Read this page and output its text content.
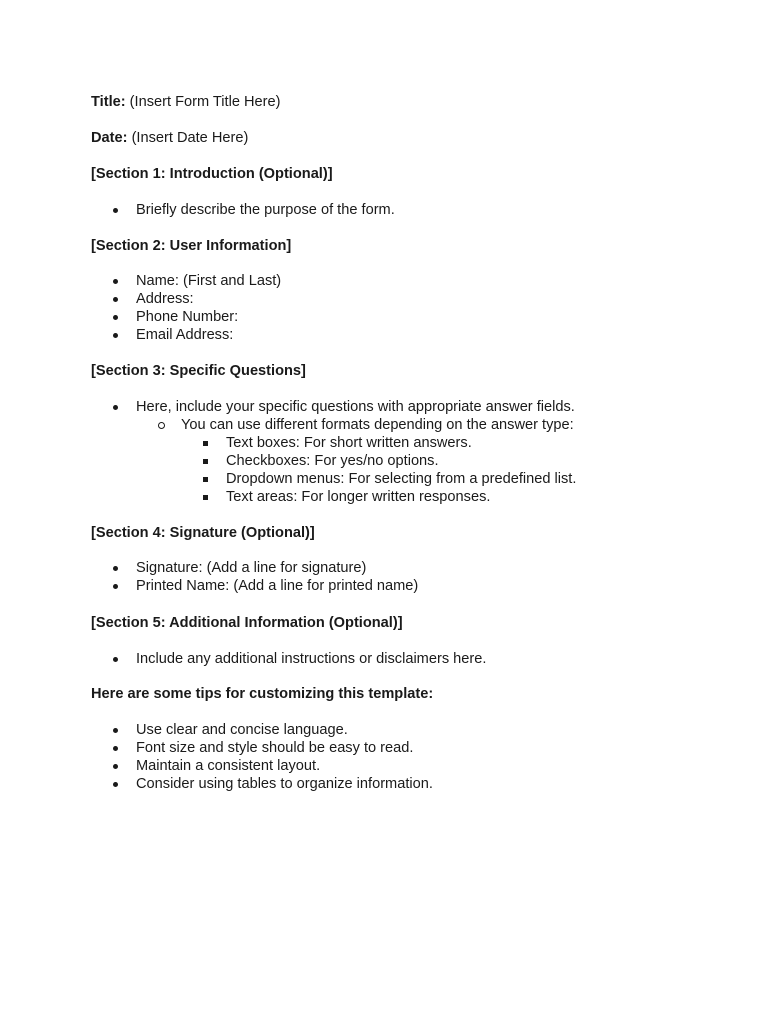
Title: (Insert Form Title Here)

Date: (Insert Date Here)

[Section 1: Introduction (Optional)]

Briefly describe the purpose of the form.

[Section 2: User Information]

Name: (First and Last)
Address:
Phone Number:
Email Address:

[Section 3: Specific Questions]

Here, include your specific questions with appropriate answer fields.
You can use different formats depending on the answer type:
Text boxes: For short written answers.
Checkboxes: For yes/no options.
Dropdown menus: For selecting from a predefined list.
Text areas: For longer written responses.

[Section 4: Signature (Optional)]

Signature: (Add a line for signature)
Printed Name: (Add a line for printed name)

[Section 5: Additional Information (Optional)]

Include any additional instructions or disclaimers here.

Here are some tips for customizing this template:

Use clear and concise language.
Font size and style should be easy to read.
Maintain a consistent layout.
Consider using tables to organize information.
